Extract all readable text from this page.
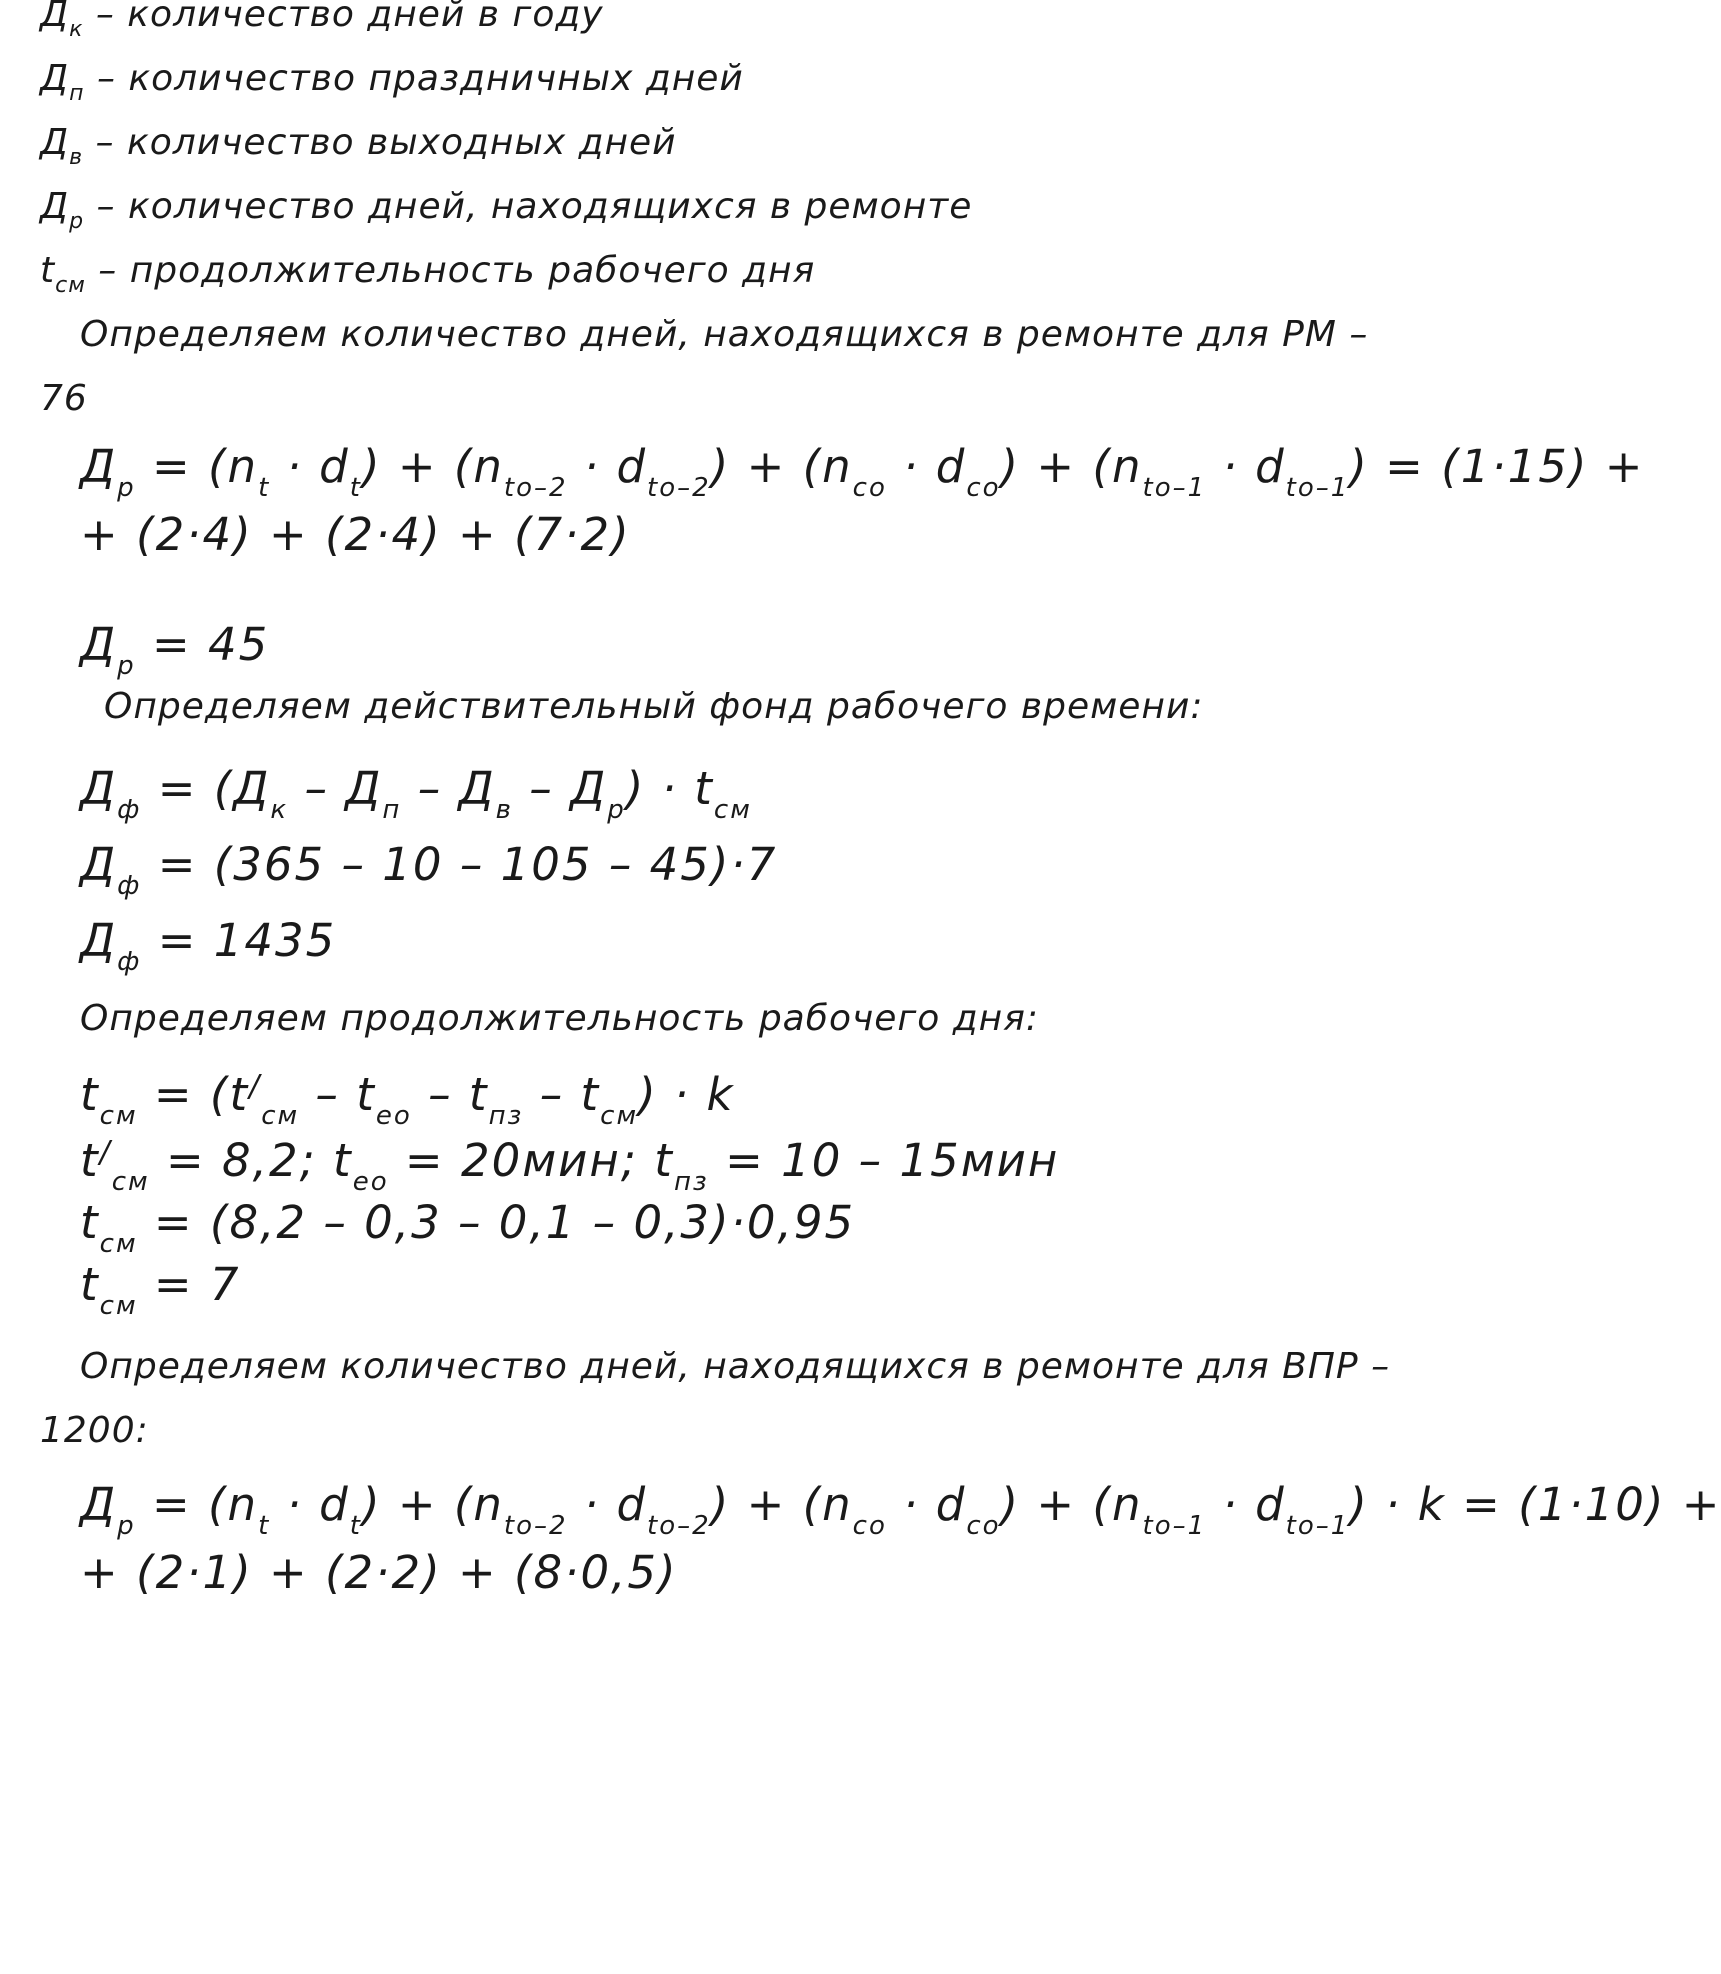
$Д_к$ – количество дней в году
$Д_п$ – количество праздничных дней
$Д_в$ – количество выходных дней
$Д_р$ – количество дней, находящихся в ремонте
$t_{см}$ – продолжительность рабочего дня
Определяем количество дней, находящихся в ремонте для РМ –
76
$Д_р = (n_t \cdot d_t) + (n_{to-2} \cdot d_{to-2}) + (n_{co} \cdot d_{co}) + (n_{to-1} \cdot d_{to-1}) = (1\cdot 15)$ +
+ (2·4) + (2·4) + (7·2)
$Д_р = 45$
Определяем действительный фонд рабочего времени:
$Д_ф = (Д_к - Д_п - Д_в - Д_р) \cdot t_{см}$
$Д_ф = (365 - 10 - 105 - 45)\cdot 7$
$Д_ф = 1435$
Определяем продолжительность рабочего дня:
$t_{см} = (t/_{см} - t_{ео} - t_{пз} - t_{см}) \cdot k$
$t/_{см} = 8,2$; $t_{ео} = 20мин$; $t_{пз} = 10 - 15мин$
$t_{см} = (8,2 - 0,3 - 0,1 - 0,3)\cdot 0,95$
$t_{см} = 7$
Определяем количество дней, находящихся в ремонте для ВПР –
1200:
$Д_р = (n_t \cdot d_t) + (n_{to-2} \cdot d_{to-2}) + (n_{co} \cdot d_{co}) + (n_{to-1} \cdot d_{to-1}) \cdot k = (1\cdot 10)$ +
+ (2·1) + (2·2) + (8·0,5)
